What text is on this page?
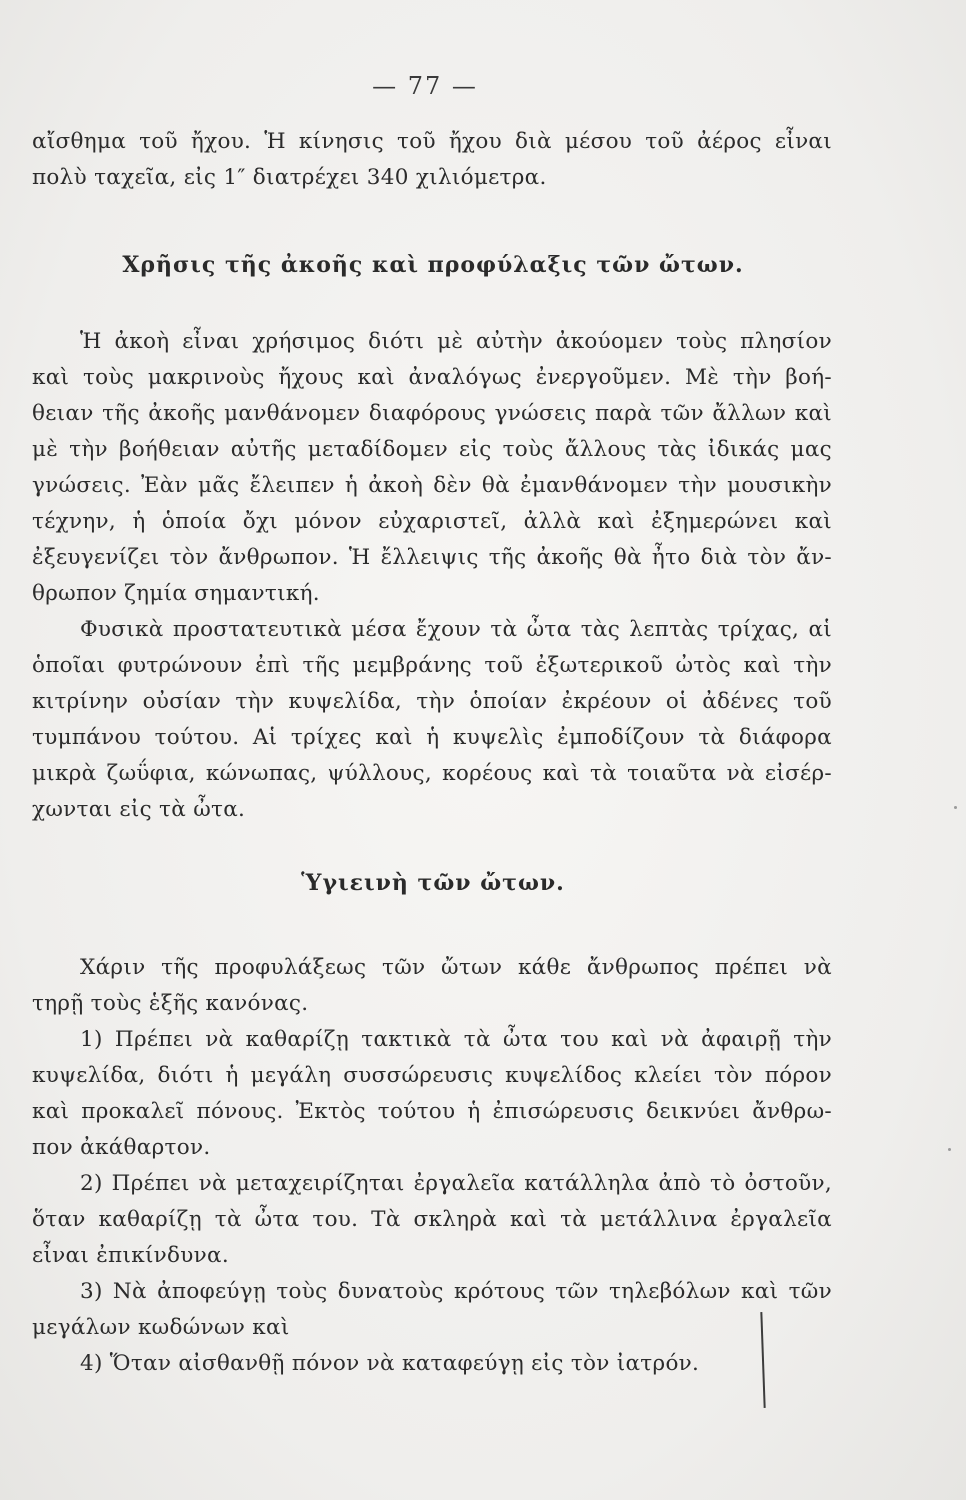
— 77 —
αἴσθημα τοῦ ἤχου. Ἡ κίνησις τοῦ ἤχου διὰ μέσου τοῦ ἀέρος εἶναι
πολὺ ταχεῖα, εἰς 1″ διατρέχει 340 χιλιόμετρα.
Χρῆσις τῆς ἀκοῆς καὶ προφύλαξις τῶν ὤτων.
Ἡ ἀκοὴ εἶναι χρήσιμος διότι μὲ αὐτὴν ἀκούομεν τοὺς πλησίον
καὶ τοὺς μακρινοὺς ἤχους καὶ ἀναλόγως ἐνεργοῦμεν. Μὲ τὴν βοή-
θειαν τῆς ἀκοῆς μανθάνομεν διαφόρους γνώσεις παρὰ τῶν ἄλλων καὶ
μὲ τὴν βοήθειαν αὐτῆς μεταδίδομεν εἰς τοὺς ἄλλους τὰς ἰδικάς μας
γνώσεις. Ἐὰν μᾶς ἔλειπεν ἡ ἀκοὴ δὲν θὰ ἐμανθάνομεν τὴν μουσικὴν
τέχνην, ἡ ὁποία ὄχι μόνον εὐχαριστεῖ, ἀλλὰ καὶ ἐξημερώνει καὶ
ἐξευγενίζει τὸν ἄνθρωπον. Ἡ ἔλλειψις τῆς ἀκοῆς θὰ ἦτο διὰ τὸν ἄν-
θρωπον ζημία σημαντική.
Φυσικὰ προστατευτικὰ μέσα ἔχουν τὰ ὦτα τὰς λεπτὰς τρίχας, αἱ
ὁποῖαι φυτρώνουν ἐπὶ τῆς μεμβράνης τοῦ ἐξωτερικοῦ ὠτὸς καὶ τὴν
κιτρίνην οὐσίαν τὴν κυψελίδα, τὴν ὁποίαν ἐκρέουν οἱ ἀδένες τοῦ
τυμπάνου τούτου. Αἱ τρίχες καὶ ἡ κυψελὶς ἐμποδίζουν τὰ διάφορα
μικρὰ ζωΰφια, κώνωπας, ψύλλους, κορέους καὶ τὰ τοιαῦτα νὰ εἰσέρ-
χωνται εἰς τὰ ὦτα.
Ὑγιεινὴ τῶν ὤτων.
Χάριν τῆς προφυλάξεως τῶν ὤτων κάθε ἄνθρωπος πρέπει νὰ
τηρῇ τοὺς ἑξῆς κανόνας.
1) Πρέπει νὰ καθαρίζῃ τακτικὰ τὰ ὦτα του καὶ νὰ ἀφαιρῇ τὴν
κυψελίδα, διότι ἡ μεγάλη συσσώρευσις κυψελίδος κλείει τὸν πόρον
καὶ προκαλεῖ πόνους. Ἐκτὸς τούτου ἡ ἐπισώρευσις δεικνύει ἄνθρω-
πον ἀκάθαρτον.
2) Πρέπει νὰ μεταχειρίζηται ἐργαλεῖα κατάλληλα ἀπὸ τὸ ὀστοῦν,
ὅταν καθαρίζῃ τὰ ὦτα του. Τὰ σκληρὰ καὶ τὰ μετάλλινα ἐργαλεῖα
εἶναι ἐπικίνδυνα.
3) Νὰ ἀποφεύγῃ τοὺς δυνατοὺς κρότους τῶν τηλεβόλων καὶ τῶν
μεγάλων κωδώνων καὶ
4) Ὅταν αἰσθανθῇ πόνον νὰ καταφεύγῃ εἰς τὸν ἰατρόν.
